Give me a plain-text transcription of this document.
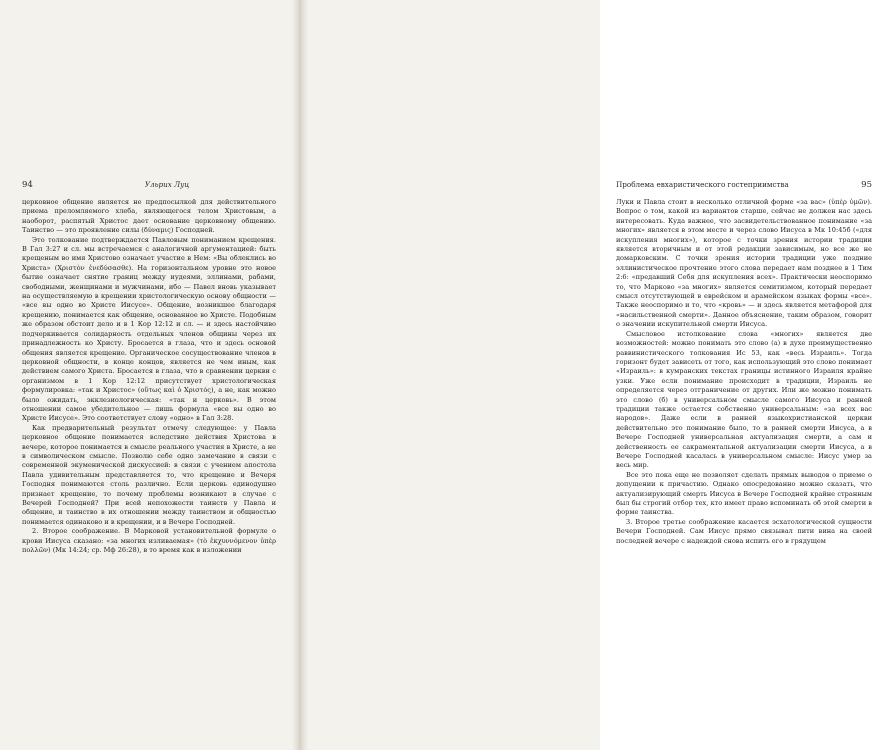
94	Ульрих Луц

церковное общение является не предпосылкой для действительного приема преломляемого хлеба, являющегося телом Христовым, а наоборот, распятый Христос дает основание церковному общению. Таинство — это проявление силы (δύναμις) Господней.

Это толкование подтверждается Павловым пониманием крещения. В Гал 3:27 и сл. мы встречаемся с аналогичной аргументацией: быть крещеным во имя Христово означает участие в Нем: «Вы облеклись во Христа» (Χριστὸν ἐνεδύσασθε). На горизонтальном уровне это новое бытие означает снятие границ между иудеями, эллинами, рабами, свободными, женщинами и мужчинами, ибо — Павел вновь указывает на осуществляемую в крещении христологическую основу общности — «все вы одно во Христе Иисусе». Общение, возникшее благодаря крещению, понимается как общение, основанное во Христе. Подобным же образом обстоит дело и в 1 Кор 12:12 и сл. — и здесь настойчиво подчеркивается солидарность отдельных членов общины через их принадлежность ко Христу. Бросается в глаза, что и здесь основой общения является крещение. Органическое сосуществование членов в церковной общности, в конце концов, является не чем иным, как действием самого Христа. Бросается в глаза, что в сравнении церкви с организмом в 1 Кор 12:12 присутствует христологическая формулировка: «так и Христос» (οὕτως καὶ ὁ Χριστός), а не, как можно было ожидать, экклезиологическая: «так и церковь». В этом отношении самое убедительное — лишь формула «все вы одно во Христе Иисусе». Это соответствует слову «одно» в Гал 3:28.

Как предварительный результат отмечу следующее: у Павла церковное общение понимается вследствие действия Христова в вечере, которое понимается в смысле реального участия в Христе, а не в символическом смысле. Позволю себе одно замечание в связи с современной экуменической дискуссией: в связи с учением апостола Павла удивительным представляется то, что крещение и Вечеря Господня понимаются столь различно. Если церковь единодушно признает крещение, то почему проблемы возникают в случае с Вечерей Господней? При всей непохожести таинств у Павла и общение, и таинство в их отношении между таинством и общностью понимается одинаково и в крещении, и в Вечере Господней.

2. Второе соображение. В Марковой установительной формуле о крови Иисуса сказано: «за многих изливаемая» (τὸ ἐκχυννόμενον ὑπὲρ πολλῶν) (Мк 14:24; ср. Мф 26:28), в то время как в изложении

Проблема евхаристического гостеприимства	95

Луки и Павла стоит в несколько отличной форме «за вас» (ὑπὲρ ὑμῶν). Вопрос о том, какой из вариантов старше, сейчас не должен нас здесь интересовать. Куда важнее, что засвидетельствованное понимание «за многих» является в этом месте и через слово Иисуса в Мк 10:45б («для искупления многих»), которое с точки зрения истории традиции является вторичным и от этой редакции зависимым, но все же не домарковским. С точки зрения истории традиции уже поздние эллинистическое прочтение этого слова передает нам позднее в 1 Тим 2:6: «предавший Себя для искупления всех». Практически неоспоримо то, что Марково «за многих» является семитизмом, который передает смысл отсутствующей в еврейском и арамейском языках формы «все». Также неоспоримо и то, что «кровь» — и здесь является метафорой для «насильственной смерти». Данное объяснение, таким образом, говорит о значении искупительной смерти Иисуса.

Смысловое истолкование слова «многих» является две возможностей: можно понимать это слово (а) в духе преимущественно раввинистического толкования Ис 53, как «весь Израиль». Тогда горизонт будет зависеть от того, как использующий это слово понимает «Израиль»: в кумранских текстах границы истинного Израиля крайне узки. Уже если понимание происходит в традиции, Израиль не определяется через отграничение от других. Или же можно понимать это слово (б) в универсальном смысле самого Иисуса и ранней традиции также остается собственно универсальным: «за всех вас народов». Даже если в ранней языкохристианской церкви действительно это понимание было, то в ранней смерти Иисуса, а в Вечере Господней универсальная актуализация смерти, а сам и действенность ее сакраментальной актуализации смерти Иисуса, а в Вечере Господней касалась в универсальном смысле: Иисус умер за весь мир.

Все это пока еще не позволяет сделать прямых выводов о приеме о допущении к причастию. Однако опосредованно можно сказать, что актуализирующий смерть Иисуса в Вечере Господней крайне странным был бы строгий отбор тех, кто имеет право вспоминать об этой смерти в форме таинства.

3. Второе третье соображение касается эсхатологической сущности Вечери Господней. Сам Иисус прямо связывал пити вина на своей последней вечере с надеждой снова испить его в грядущем
